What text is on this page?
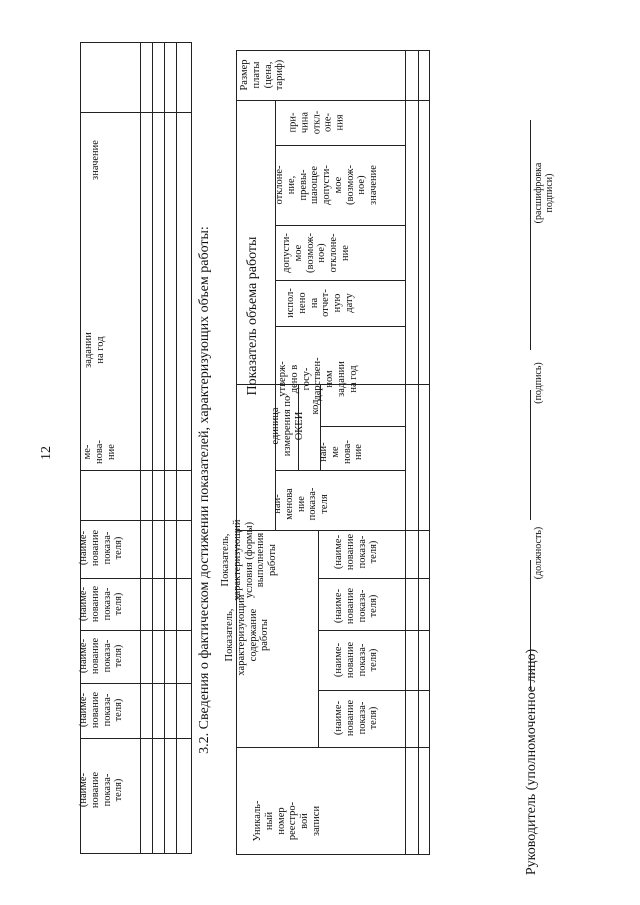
12
(наиме-
нование
показа-
теля)
(наиме-
нование
показа-
теля)
(наиме-
нование
показа-
теля)
(наиме-
нование
показа-
теля)
(наиме-
нование
показа-
теля)
ме-
нова-
ние
задании
на год
значение
3.2. Сведения о фактическом достижении показателей, характеризующих объем работы:
Уникаль-
ный
номер
реестро-
вой
записи
Показатель,
характеризующий
содержание работы
(наиме-
нование
показа-
теля)
(наиме-
нование
показа-
теля)
Показатель,
характеризующий
условия (формы)
выполнения
работы
(наиме-
нование
показа-
теля)
(наиме-
нование
показа-
теля)
Показатель объема работы
наи-
менова
ние
показа-
теля
единица
измерения по
ОКЕИ
наи-
ме
нова-
ние
код
утверж-
дено в
госу-
дарствен-
ном
задании
на год
испол-
нено
на
отчет-
ную
дату
допусти-
мое
(возмож-
ное)
отклоне-
ние
отклоне-
ние,
превы-
шающее
допусти-
мое
(возмож-
ное)
значение
при-
чина
откл-
онe-
ния
Размер
платы
(цена,
тариф)
Руководитель (уполномоченное лицо)
(должность)
(подпись)
(расшифровка подписи)
